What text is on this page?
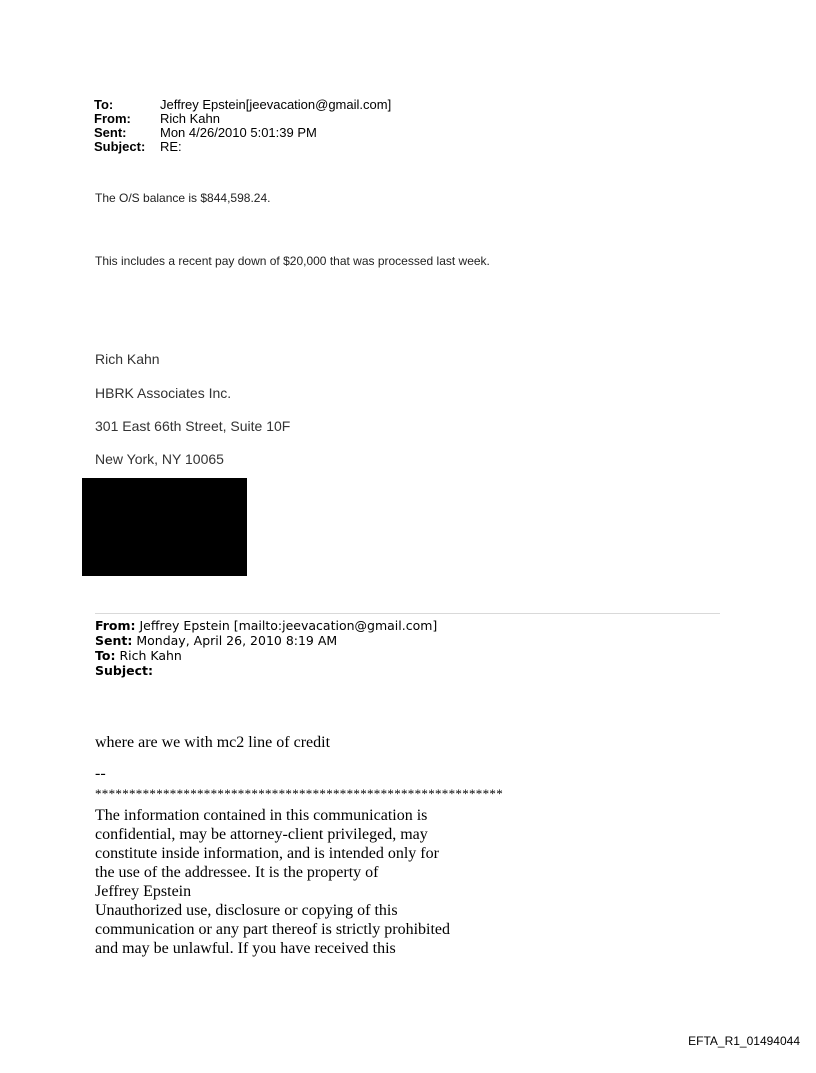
To:	Jeffrey Epstein[jeevacation@gmail.com]
From: Rich Kahn
Sent:	Mon 4/26/2010 5:01:39 PM
Subject: RE:
The O/S balance is $844,598.24.
This includes a recent pay down of $20,000 that was processed last week.
Rich Kahn
HBRK Associates Inc.
301 East 66th Street, Suite 10F
New York, NY 10065
From: Jeffrey Epstein [mailto:jeevacation@gmail.com]
Sent: Monday, April 26, 2010 8:19 AM
To: Rich Kahn
Subject:
where are we with mc2 line of credit
--
************************************************************
The information contained in this communication is
confidential, may be attorney-client privileged, may
constitute inside information, and is intended only for
the use of the addressee. It is the property of
Jeffrey Epstein
Unauthorized use, disclosure or copying of this
communication or any part thereof is strictly prohibited
and may be unlawful. If you have received this
EFTA_R1_01494044
